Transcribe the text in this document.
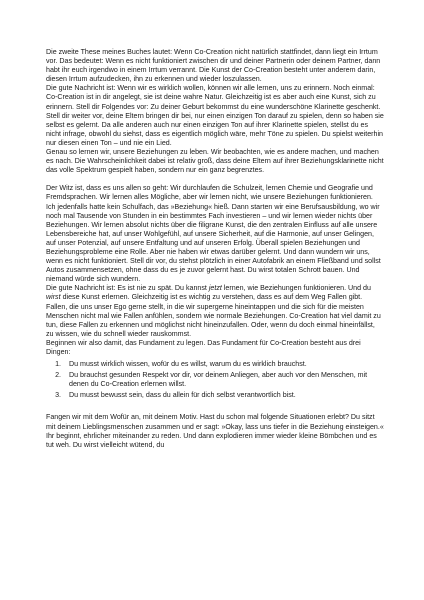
Die zweite These meines Buches lautet: Wenn Co-Creation nicht natürlich stattfindet, dann liegt ein Irrtum vor. Das bedeutet: Wenn es nicht funktioniert zwischen dir und deiner Partnerin oder deinem Partner, dann habt ihr euch irgendwo in einem Irrtum verrannt. Die Kunst der Co-Creation besteht unter anderem darin, diesen Irrtum aufzudecken, ihn zu erkennen und wieder loszulassen.

Die gute Nachricht ist: Wenn wir es wirklich wollen, können wir alle lernen, uns zu erinnern. Noch einmal: Co-Creation ist in dir angelegt, sie ist deine wahre Natur. Gleichzeitig ist es aber auch eine Kunst, sich zu erinnern. Stell dir Folgendes vor: Zu deiner Geburt bekommst du eine wunderschöne Klarinette geschenkt. Stell dir weiter vor, deine Eltern bringen dir bei, nur einen einzigen Ton darauf zu spielen, denn so haben sie selbst es gelernt. Da alle anderen auch nur einen einzigen Ton auf ihrer Klarinette spielen, stellst du es nicht infrage, obwohl du siehst, dass es eigentlich möglich wäre, mehr Töne zu spielen. Du spielst weiterhin nur diesen einen Ton – und nie ein Lied.

Genau so lernen wir, unsere Beziehungen zu leben. Wir beobachten, wie es andere machen, und machen es nach. Die Wahrscheinlichkeit dabei ist relativ groß, dass deine Eltern auf ihrer Beziehungsklarinette nicht das volle Spektrum gespielt haben, sondern nur ein ganz begrenztes.

Der Witz ist, dass es uns allen so geht: Wir durchlaufen die Schulzeit, lernen Chemie und Geografie und Fremdsprachen. Wir lernen alles Mögliche, aber wir lernen nicht, wie unsere Beziehungen funktionieren. Ich jedenfalls hatte kein Schulfach, das »Beziehung« hieß. Dann starten wir eine Berufsausbildung, wo wir noch mal Tausende von Stunden in ein bestimmtes Fach investieren – und wir lernen wieder nichts über Beziehungen. Wir lernen absolut nichts über die filigrane Kunst, die den zentralen Einfluss auf alle unsere Lebensbereiche hat, auf unser Wohlgefühl, auf unsere Sicherheit, auf die Harmonie, auf unser Gelingen, auf unser Potenzial, auf unsere Entfaltung und auf unseren Erfolg. Überall spielen Beziehungen und Beziehungsprobleme eine Rolle. Aber nie haben wir etwas darüber gelernt. Und dann wundern wir uns, wenn es nicht funktioniert. Stell dir vor, du stehst plötzlich in einer Autofabrik an einem Fließband und sollst Autos zusammensetzen, ohne dass du es je zuvor gelernt hast. Du wirst totalen Schrott bauen. Und niemand würde sich wundern.

Die gute Nachricht ist: Es ist nie zu spät. Du kannst jetzt lernen, wie Beziehungen funktionieren. Und du wirst diese Kunst erlernen. Gleichzeitig ist es wichtig zu verstehen, dass es auf dem Weg Fallen gibt. Fallen, die uns unser Ego gerne stellt, in die wir supergerne hineintappen und die sich für die meisten Menschen nicht mal wie Fallen anfühlen, sondern wie normale Beziehungen. Co-Creation hat viel damit zu tun, diese Fallen zu erkennen und möglichst nicht hineinzufallen. Oder, wenn du doch einmal hineinfällst, zu wissen, wie du schnell wieder rauskommst.

Beginnen wir also damit, das Fundament zu legen. Das Fundament für Co-Creation besteht aus drei Dingen:

1. Du musst wirklich wissen, wofür du es willst, warum du es wirklich brauchst.
2. Du brauchst gesunden Respekt vor dir, vor deinem Anliegen, aber auch vor den Menschen, mit denen du Co-Creation erlernen willst.
3. Du musst bewusst sein, dass du allein für dich selbst verantwortlich bist.

Fangen wir mit dem Wofür an, mit deinem Motiv. Hast du schon mal folgende Situationen erlebt? Du sitzt mit deinem Lieblingsmenschen zusammen und er sagt: »Okay, lass uns tiefer in die Beziehung einsteigen.« Ihr beginnt, ehrlicher miteinander zu reden. Und dann explodieren immer wieder kleine Bömbchen und es tut weh. Du wirst vielleicht wütend, du
